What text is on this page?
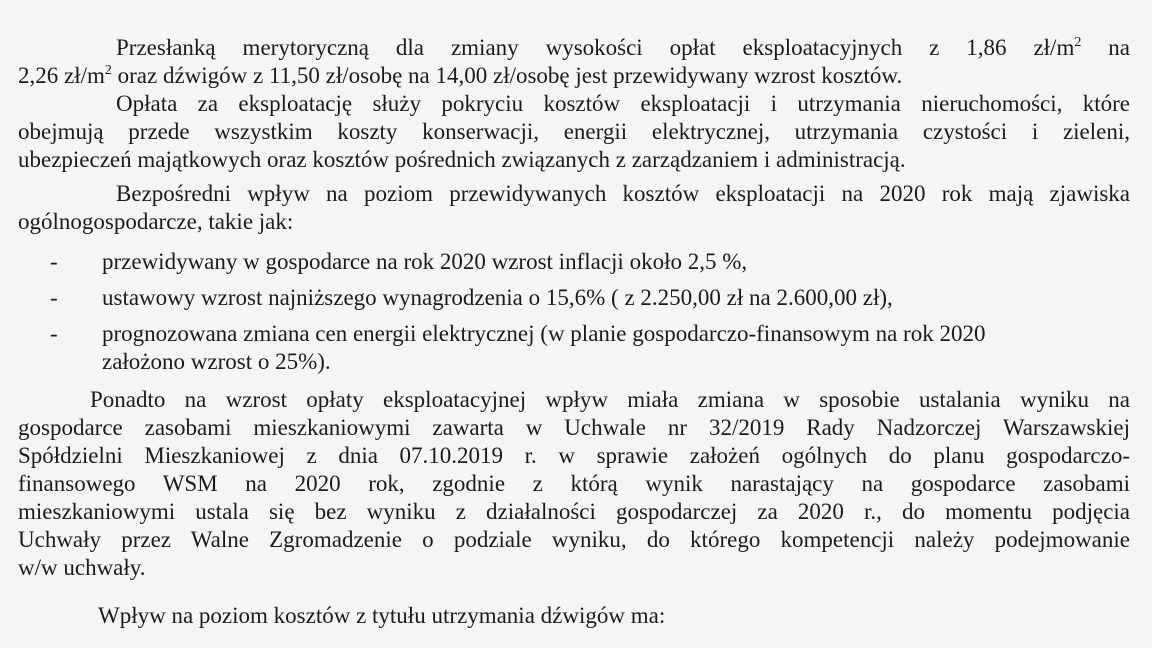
Przesłanką merytoryczną dla zmiany wysokości opłat eksploatacyjnych z 1,86 $zł/m^2$ na
2,26 $zł/m^2$ oraz dźwigów z 11,50 zł/osobę na 14,00 zł/osobę jest przewidywany wzrost kosztów.
Opłata za eksploatację służy pokryciu kosztów eksploatacji i utrzymania nieruchomości, które
obejmują przede wszystkim koszty konserwacji, energii elektrycznej, utrzymania czystości i zieleni,
ubezpieczeń majątkowych oraz kosztów pośrednich związanych z zarządzaniem i administracją.
Bezpośredni wpływ na poziom przewidywanych kosztów eksploatacji na 2020 rok mają zjawiska
ogólnogospodarcze, takie jak:
-	przewidywany w gospodarce na rok 2020 wzrost inflacji około 2,5 %,
-	ustawowy wzrost najniższego wynagrodzenia o 15,6% ( z 2.250,00 zł na 2.600,00 zł),
-	prognozowana zmiana cen energii elektrycznej (w planie gospodarczo-finansowym na rok 2020
założono wzrost o 25%).
Ponadto na wzrost opłaty eksploatacyjnej wpływ miała zmiana w sposobie ustalania wyniku na
gospodarce zasobami mieszkaniowymi zawarta w Uchwale nr 32/2019 Rady Nadzorczej Warszawskiej
Spółdzielni Mieszkaniowej z dnia 07.10.2019 r. w sprawie założeń ogólnych do planu gospodarczo-
finansowego WSM na 2020 rok, zgodnie z którą wynik narastający na gospodarce zasobami
mieszkaniowymi ustala się bez wyniku z działalności gospodarczej za 2020 r., do momentu podjęcia
Uchwały przez Walne Zgromadzenie o podziale wyniku, do którego kompetencji należy podejmowanie
w/w uchwały.
Wpływ na poziom kosztów z tytułu utrzymania dźwigów ma:
